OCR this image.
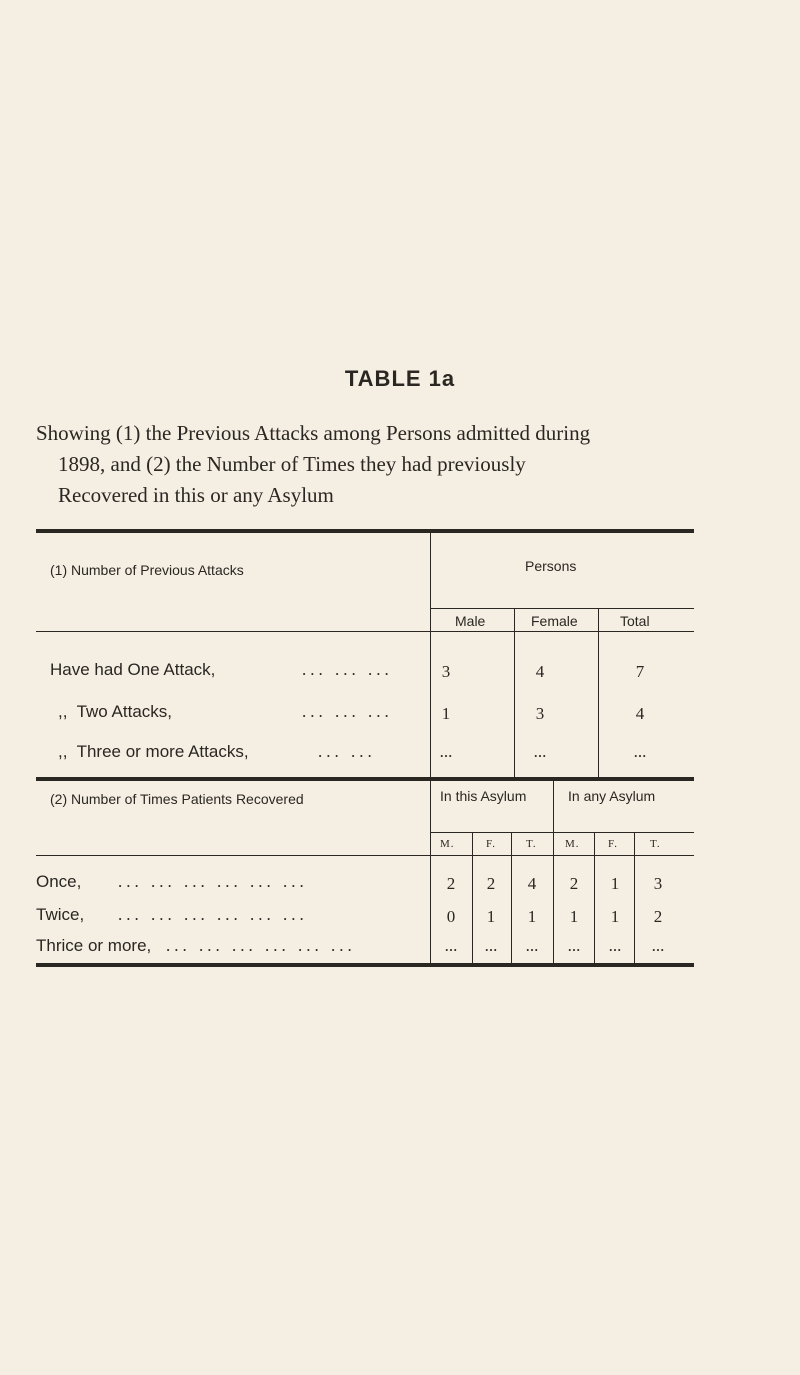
TABLE 1a
Showing (1) the Previous Attacks among Persons admitted during
1898, and (2) the Number of Times they had previously
Recovered in this or any Asylum
(1) Number of Previous Attacks	Persons
Male	Female	Total
Have had One Attack,	... ... ...	3	4	7
,,  Two Attacks,	... ... ...	1	3	4
,,  Three or more Attacks,	... ...	...	...	...
(2) Number of Times Patients Recovered	In this Asylum	In any Asylum
M.	F.	T.	M.	F.	T.
Once, ... ... ... ... ... ...	2	2	4	2	1	3
Twice, ... ... ... ... ... ...	0	1	1	1	1	2
Thrice or more, ... ... ... ... ... ...	...	...	...	...	...	...
